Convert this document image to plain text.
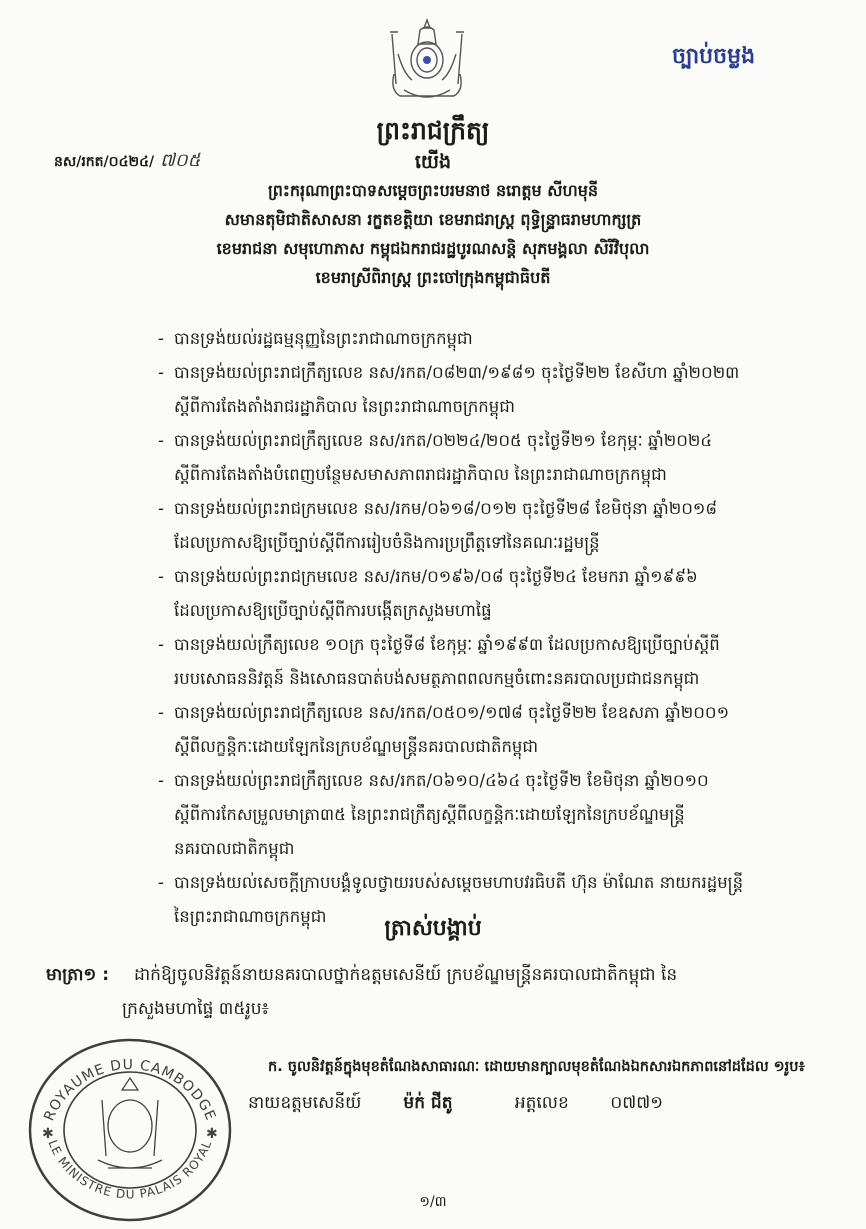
ច្បាប់ចម្លង
ព្រះរាជក្រឹត្យ
នស/រកត/០៤២៤/ ៧០៥	យើង
ព្រះករុណាព្រះបាទសម្តេចព្រះបរមនាថ នរោត្តម សីហមុនី
សមានតុមិជាតិសាសនា រក្ខតខត្តិយា ខេមរាជរាស្ត្រ ពុទ្ធិន្ទ្រាធរាមហាក្សត្រ
ខេមរាជនា សមុហោភាស កម្ពុជឯករាជរដ្ឋបូរណសន្តិ សុភមង្គលា សិរីវិបុលា
ខេមរាស្រីពិរាស្ត្រ ព្រះចៅក្រុងកម្ពុជាធិបតី
- បានទ្រង់យល់រដ្ឋធម្មនុញ្ញនៃព្រះរាជាណាចក្រកម្ពុជា
- បានទ្រង់យល់ព្រះរាជក្រឹត្យលេខ នស/រកត/០៨២៣/១៩៨១ ចុះថ្ងៃទី២២ ខែសីហា ឆ្នាំ២០២៣
ស្តីពីការតែងតាំងរាជរដ្ឋាភិបាល នៃព្រះរាជាណាចក្រកម្ពុជា
- បានទ្រង់យល់ព្រះរាជក្រឹត្យលេខ នស/រកត/០២២៤/២០៥ ចុះថ្ងៃទី២១ ខែកុម្ភៈ ឆ្នាំ២០២៤
ស្តីពីការតែងតាំងបំពេញបន្ថែមសមាសភាពរាជរដ្ឋាភិបាល នៃព្រះរាជាណាចក្រកម្ពុជា
- បានទ្រង់យល់ព្រះរាជក្រមលេខ នស/រកម/០៦១៨/០១២ ចុះថ្ងៃទី២៨ ខែមិថុនា ឆ្នាំ២០១៨
ដែលប្រកាសឱ្យប្រើច្បាប់ស្តីពីការរៀបចំនិងការប្រព្រឹត្តទៅនៃគណៈរដ្ឋមន្ត្រី
- បានទ្រង់យល់ព្រះរាជក្រមលេខ នស/រកម/០១៩៦/០៨ ចុះថ្ងៃទី២៤ ខែមករា ឆ្នាំ១៩៩៦
ដែលប្រកាសឱ្យប្រើច្បាប់ស្តីពីការបង្កើតក្រសួងមហាផ្ទៃ
- បានទ្រង់យល់ក្រឹត្យលេខ ១០ក្រ ចុះថ្ងៃទី៨ ខែកុម្ភៈ ឆ្នាំ១៩៩៣ ដែលប្រកាសឱ្យប្រើច្បាប់ស្តីពី
របបសោធននិវត្តន៍ និងសោធនបាត់បង់សមត្ថភាពពលកម្មចំពោះនគរបាលប្រជាជនកម្ពុជា
- បានទ្រង់យល់ព្រះរាជក្រឹត្យលេខ នស/រកត/០៥០១/១៧៨ ចុះថ្ងៃទី២២ ខែឧសភា ឆ្នាំ២០០១
ស្តីពីលក្ខន្តិកៈដោយឡែកនៃក្របខ័ណ្ឌមន្ត្រីនគរបាលជាតិកម្ពុជា
- បានទ្រង់យល់ព្រះរាជក្រឹត្យលេខ នស/រកត/០៦១០/៤៦៤ ចុះថ្ងៃទី២ ខែមិថុនា ឆ្នាំ២០១០
ស្តីពីការកែសម្រួលមាត្រា៣៥ នៃព្រះរាជក្រឹត្យស្តីពីលក្ខន្តិកៈដោយឡែកនៃក្របខ័ណ្ឌមន្ត្រី
នគរបាលជាតិកម្ពុជា
- បានទ្រង់យល់សេចក្តីក្រាបបង្គំទូលថ្វាយរបស់សម្តេចមហាបវរធិបតី ហ៊ុន ម៉ាណែត នាយករដ្ឋមន្ត្រី
នៃព្រះរាជាណាចក្រកម្ពុជា	ត្រាស់បង្គាប់
មាត្រា១ : ដាក់ឱ្យចូលនិវត្តន៍នាយនគរបាលថ្នាក់ឧត្តមសេនីយ៍ ក្របខ័ណ្ឌមន្ត្រីនគរបាលជាតិកម្ពុជា នៃ
ក្រសួងមហាផ្ទៃ ៣៥រូប៖
ក. ចូលនិវត្តន៍ក្នុងមុខតំណែងសាធារណៈ ដោយមានក្បាលមុខតំណែងឯកសារឯកភាពនៅដដែល ១រូប៖
នាយឧត្តមសេនីយ៍ ម៉ក់ ជីតូ	អត្តលេខ ០៧៧១
ROYAUME DU CAMBODGE
LE MINISTRE DU PALAIS ROYAL
✱	✱
១/៣
